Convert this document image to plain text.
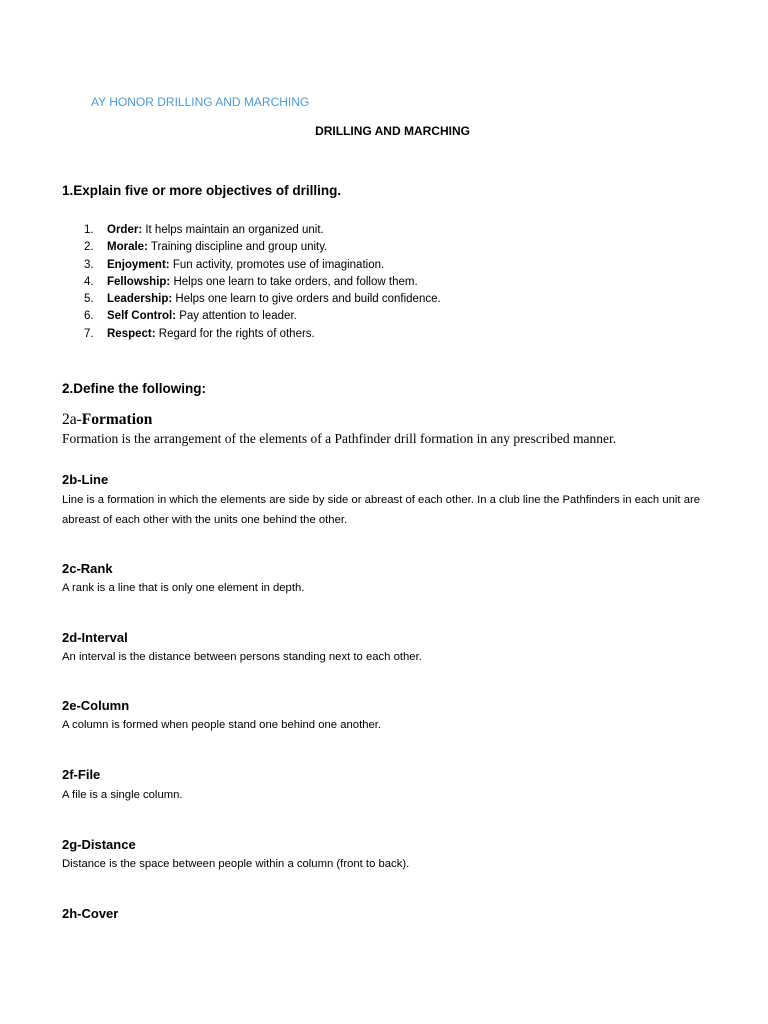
AY HONOR DRILLING AND MARCHING
DRILLING AND MARCHING
1.Explain five or more objectives of drilling.
1. Order: It helps maintain an organized unit.
2. Morale: Training discipline and group unity.
3. Enjoyment: Fun activity, promotes use of imagination.
4. Fellowship: Helps one learn to take orders, and follow them.
5. Leadership: Helps one learn to give orders and build confidence.
6. Self Control: Pay attention to leader.
7. Respect: Regard for the rights of others.
2.Define the following:
2a-Formation
Formation is the arrangement of the elements of a Pathfinder drill formation in any prescribed manner.
2b-Line
Line is a formation in which the elements are side by side or abreast of each other. In a club line the Pathfinders in each unit are abreast of each other with the units one behind the other.
2c-Rank
A rank is a line that is only one element in depth.
2d-Interval
An interval is the distance between persons standing next to each other.
2e-Column
A column is formed when people stand one behind one another.
2f-File
A file is a single column.
2g-Distance
Distance is the space between people within a column (front to back).
2h-Cover
